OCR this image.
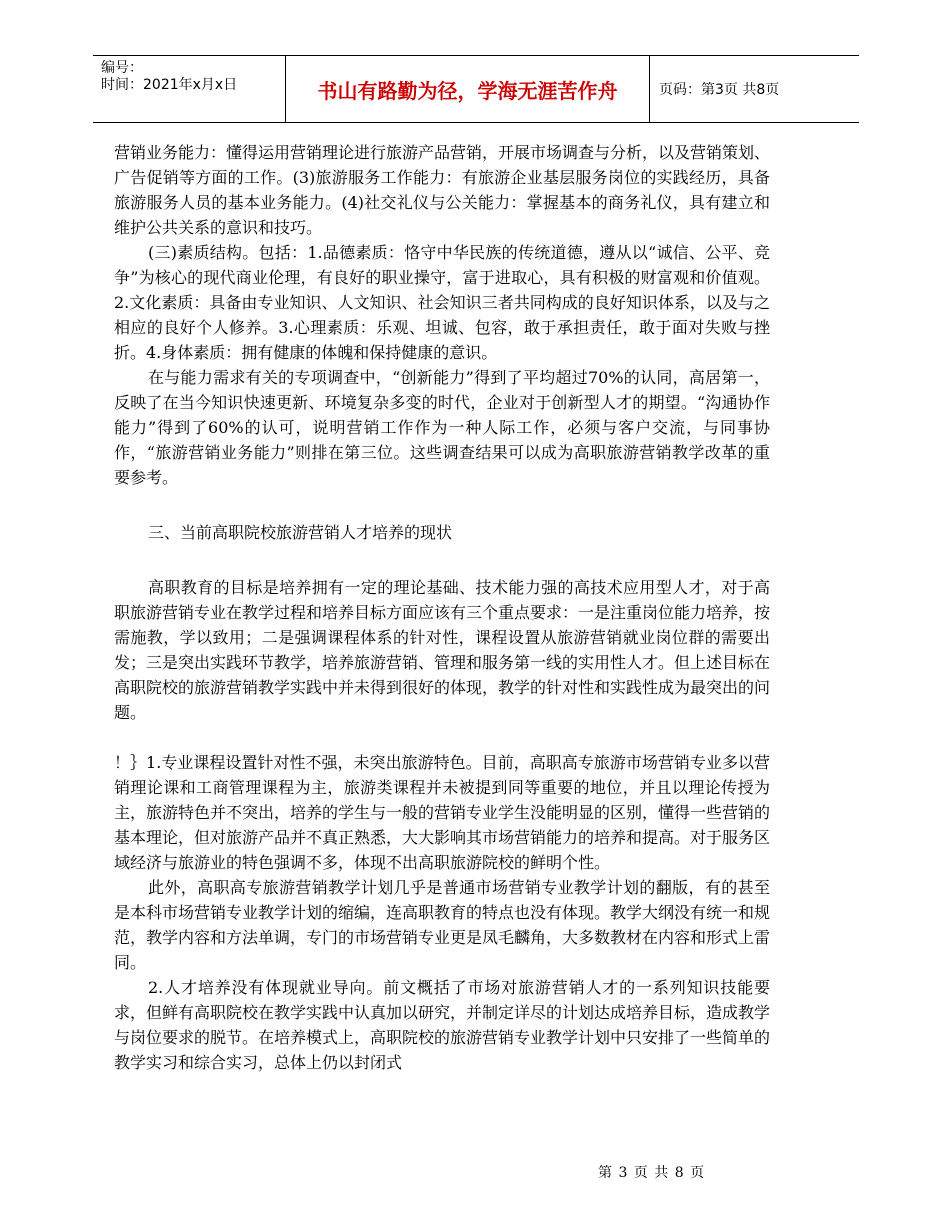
编号：
时间：2021年x月x日	书山有路勤为径，学海无涯苦作舟	页码：第3页 共8页

营销业务能力：懂得运用营销理论进行旅游产品营销，开展市场调查与分析，以及营销策划、广告促销等方面的工作。(3)旅游服务工作能力：有旅游企业基层服务岗位的实践经历，具备旅游服务人员的基本业务能力。(4)社交礼仪与公关能力：掌握基本的商务礼仪，具有建立和维护公共关系的意识和技巧。

(三)素质结构。包括：1.品德素质：恪守中华民族的传统道德，遵从以“诚信、公平、竞争”为核心的现代商业伦理，有良好的职业操守，富于进取心，具有积极的财富观和价值观。2.文化素质：具备由专业知识、人文知识、社会知识三者共同构成的良好知识体系，以及与之相应的良好个人修养。3.心理素质：乐观、坦诚、包容，敢于承担责任，敢于面对失败与挫折。4.身体素质：拥有健康的体魄和保持健康的意识。

在与能力需求有关的专项调查中，“创新能力”得到了平均超过70%的认同，高居第一，反映了在当今知识快速更新、环境复杂多变的时代，企业对于创新型人才的期望。“沟通协作能力”得到了60%的认可，说明营销工作作为一种人际工作，必须与客户交流，与同事协作，“旅游营销业务能力”则排在第三位。这些调查结果可以成为高职旅游营销教学改革的重要参考。

三、当前高职院校旅游营销人才培养的现状

高职教育的目标是培养拥有一定的理论基础、技术能力强的高技术应用型人才，对于高职旅游营销专业在教学过程和培养目标方面应该有三个重点要求：一是注重岗位能力培养，按需施教，学以致用；二是强调课程体系的针对性，课程设置从旅游营销就业岗位群的需要出发；三是突出实践环节教学，培养旅游营销、管理和服务第一线的实用性人才。但上述目标在高职院校的旅游营销教学实践中并未得到很好的体现，教学的针对性和实践性成为最突出的问题。

！｝1.专业课程设置针对性不强，未突出旅游特色。目前，高职高专旅游市场营销专业多以营销理论课和工商管理课程为主，旅游类课程并未被提到同等重要的地位，并且以理论传授为主，旅游特色并不突出，培养的学生与一般的营销专业学生没能明显的区别，懂得一些营销的基本理论，但对旅游产品并不真正熟悉，大大影响其市场营销能力的培养和提高。对于服务区域经济与旅游业的特色强调不多，体现不出高职旅游院校的鲜明个性。

此外，高职高专旅游营销教学计划几乎是普通市场营销专业教学计划的翻版，有的甚至是本科市场营销专业教学计划的缩编，连高职教育的特点也没有体现。教学大纲没有统一和规范，教学内容和方法单调，专门的市场营销专业更是凤毛麟角，大多数教材在内容和形式上雷同。

2.人才培养没有体现就业导向。前文概括了市场对旅游营销人才的一系列知识技能要求，但鲜有高职院校在教学实践中认真加以研究，并制定详尽的计划达成培养目标，造成教学与岗位要求的脱节。在培养模式上，高职院校的旅游营销专业教学计划中只安排了一些简单的教学实习和综合实习，总体上仍以封闭式

第 3 页 共 8 页
